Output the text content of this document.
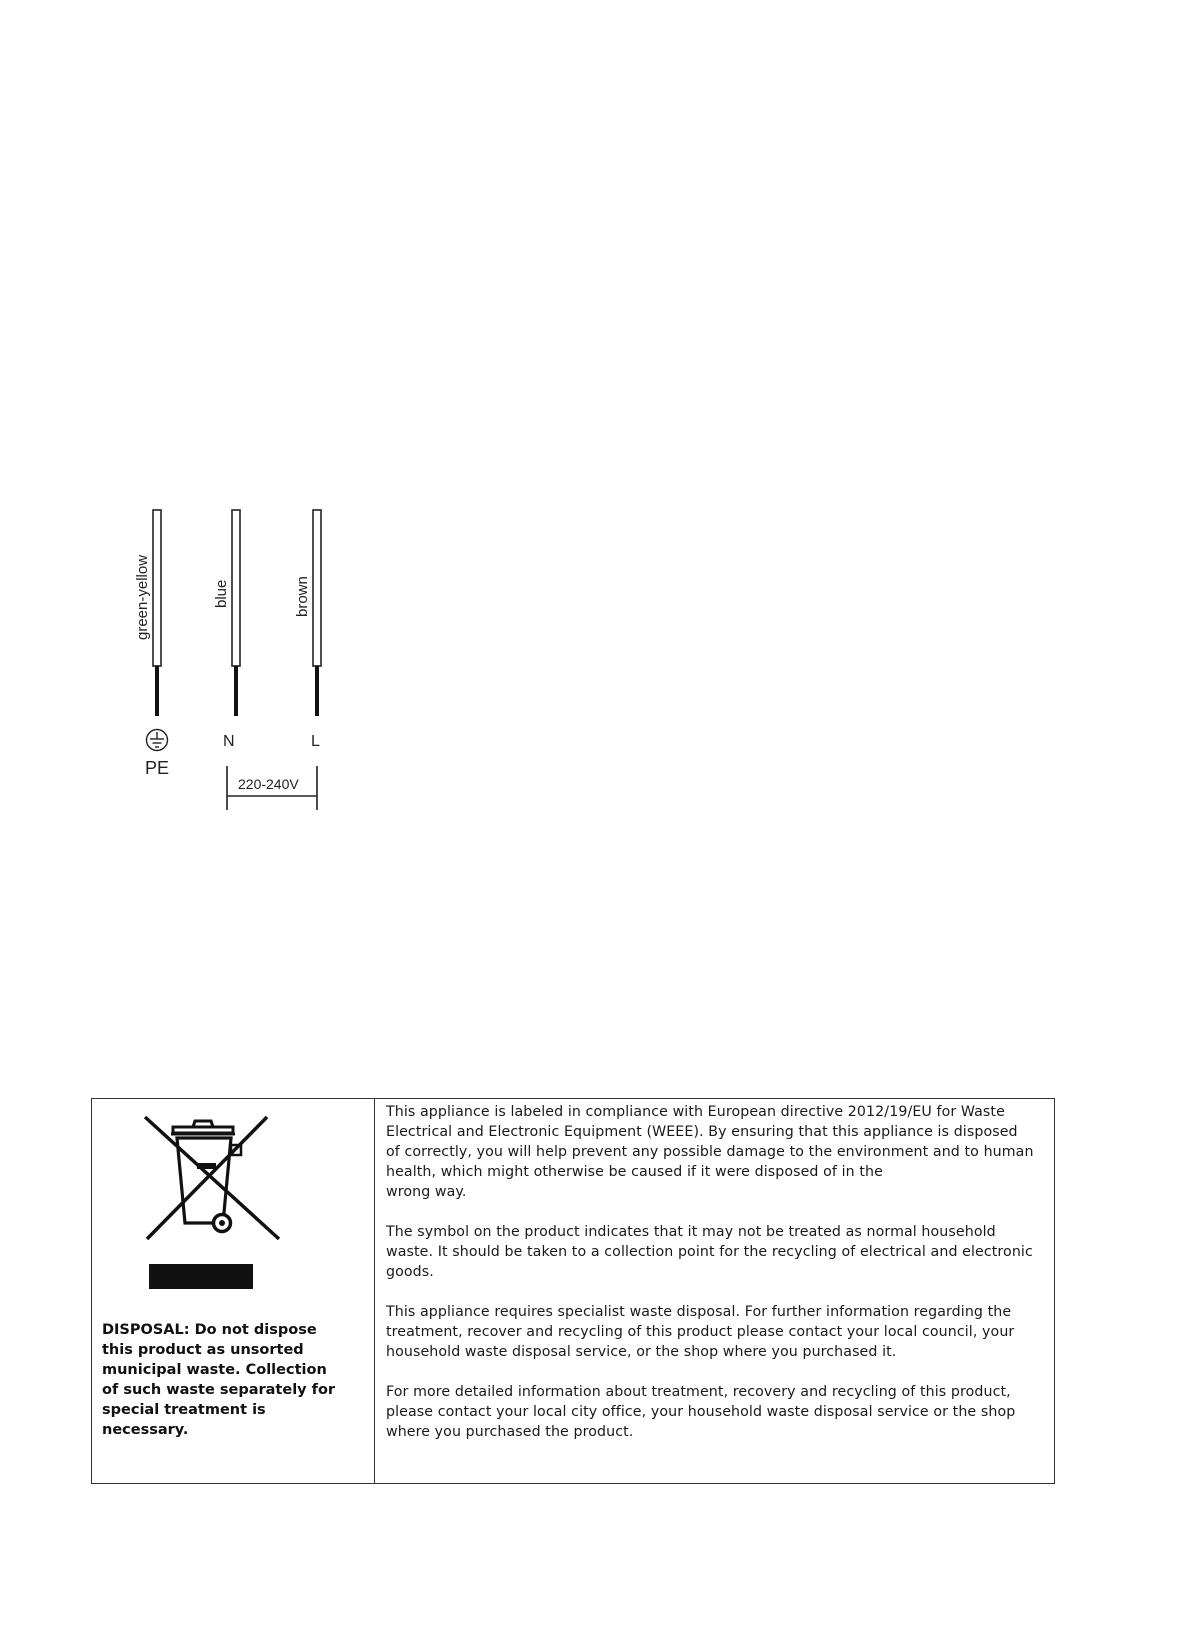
green-yellow	blue	brown
PE
N	L
220-240V
DISPOSAL: Do not dispose this product as unsorted municipal waste. Collection of such waste separately for special treatment is necessary.

This appliance is labeled in compliance with European directive 2012/19/EU for Waste
Electrical and Electronic Equipment (WEEE). By ensuring that this appliance is disposed
of correctly, you will help prevent any possible damage to the environment and to human
health, which might otherwise be caused if it were disposed of in the
wrong way.

The symbol on the product indicates that it may not be treated as normal household
waste. It should be taken to a collection point for the recycling of electrical and electronic
goods.

This appliance requires specialist waste disposal. For further information regarding the
treatment, recover and recycling of this product please contact your local council, your
household waste disposal service, or the shop where you purchased it.

For more detailed information about treatment, recovery and recycling of this product,
please contact your local city office, your household waste disposal service or the shop
where you purchased the product.
